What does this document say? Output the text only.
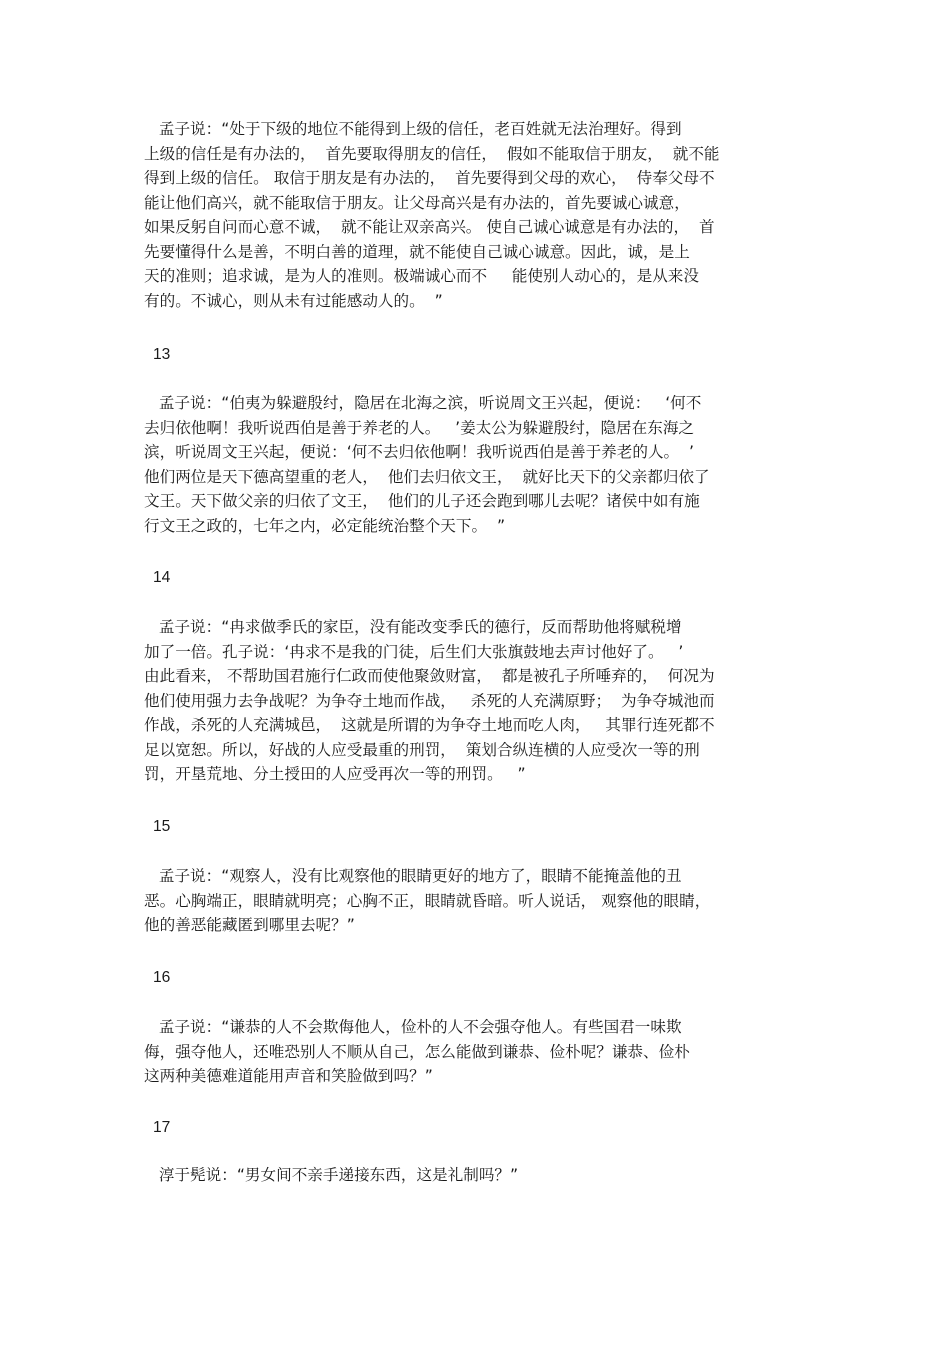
孟子说：“处于下级的地位不能得到上级的信任，老百姓就无法治理好。得到
上级的信任是有办法的，  首先要取得朋友的信任，  假如不能取信于朋友，  就不能
得到上级的信任。 取信于朋友是有办法的，  首先要得到父母的欢心，  侍奉父母不
能让他们高兴，就不能取信于朋友。让父母高兴是有办法的，首先要诚心诚意，
如果反躬自问而心意不诚，  就不能让双亲高兴。 使自己诚心诚意是有办法的，  首
先要懂得什么是善，不明白善的道理，就不能使自己诚心诚意。因此，诚，是上
天的准则；追求诚，是为人的准则。极端诚心而不     能使别人动心的，是从来没
有的。不诚心，则从未有过能感动人的。  ”

13

孟子说：“伯夷为躲避殷纣，隐居在北海之滨，听说周文王兴起，便说：   ‘何不
去归依他啊！我听说西伯是善于养老的人。   ’姜太公为躲避殷纣，隐居在东海之
滨，听说周文王兴起，便说：‘何不去归依他啊！我听说西伯是善于养老的人。  ’
他们两位是天下德高望重的老人，  他们去归依文王，  就好比天下的父亲都归依了
文王。天下做父亲的归依了文王，  他们的儿子还会跑到哪儿去呢？诸侯中如有施
行文王之政的，七年之内，必定能统治整个天下。  ”

14

孟子说：“冉求做季氏的家臣，没有能改变季氏的德行，反而帮助他将赋税增
加了一倍。孔子说：‘冉求不是我的门徒，后生们大张旗鼓地去声讨他好了。   ’
由此看来， 不帮助国君施行仁政而使他聚敛财富，  都是被孔子所唾弃的，  何况为
他们使用强力去争战呢？为争夺土地而作战，   杀死的人充满原野；  为争夺城池而
作战，杀死的人充满城邑，  这就是所谓的为争夺土地而吃人肉，   其罪行连死都不
足以宽恕。所以，好战的人应受最重的刑罚，  策划合纵连横的人应受次一等的刑
罚，开垦荒地、分土授田的人应受再次一等的刑罚。   ”

15

孟子说：“观察人，没有比观察他的眼睛更好的地方了，眼睛不能掩盖他的丑
恶。心胸端正，眼睛就明亮；心胸不正，眼睛就昏暗。听人说话， 观察他的眼睛，
他的善恶能藏匿到哪里去呢？”

16

孟子说：“谦恭的人不会欺侮他人，俭朴的人不会强夺他人。有些国君一味欺
侮，强夺他人，还唯恐别人不顺从自己，怎么能做到谦恭、俭朴呢？谦恭、俭朴
这两种美德难道能用声音和笑脸做到吗？”

17

淳于髡说：“男女间不亲手递接东西，这是礼制吗？”
